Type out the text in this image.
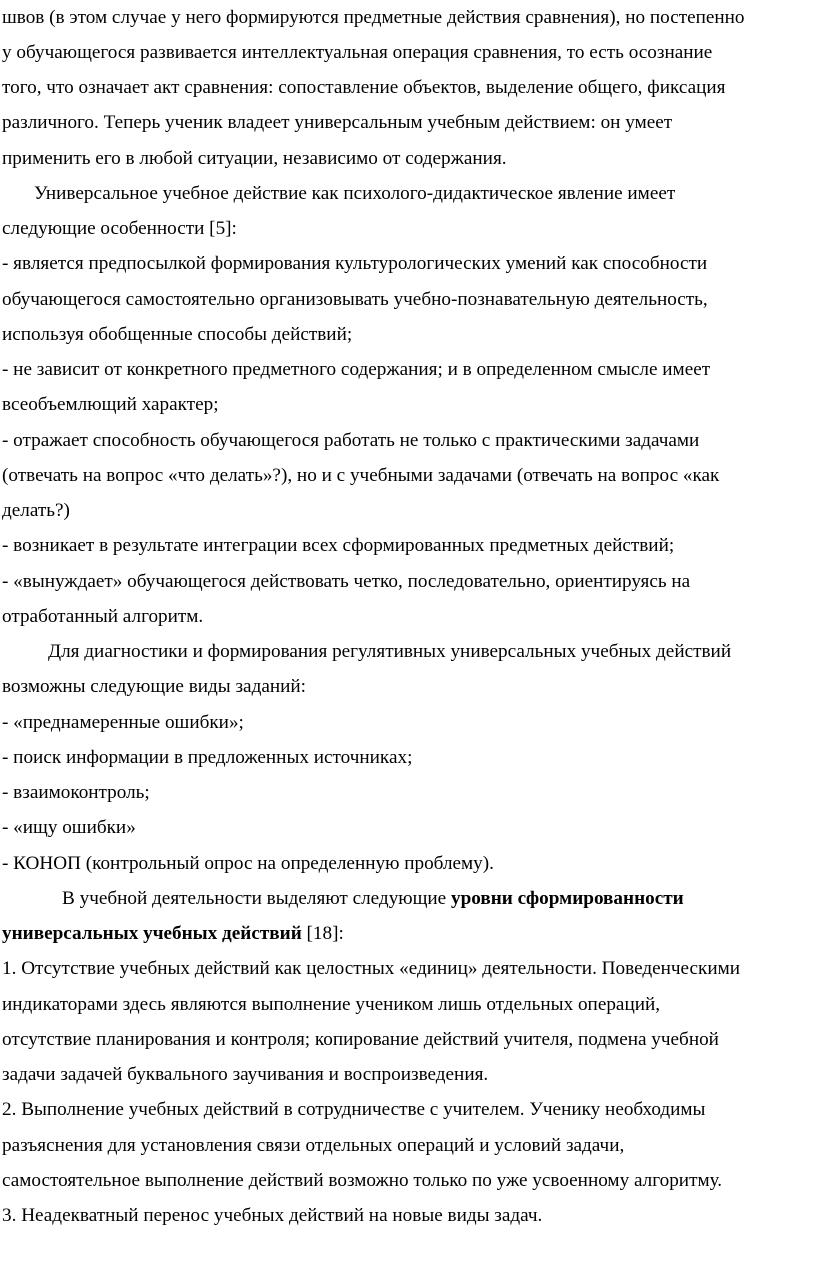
швов (в этом случае у него формируются предметные действия сравнения), но постепенно
у обучающегося развивается интеллектуальная операция сравнения, то есть осознание
того, что означает акт сравнения: сопоставление объектов, выделение общего, фиксация
различного. Теперь ученик владеет универсальным учебным действием: он умеет
применить его в любой ситуации, независимо от содержания.
Универсальное учебное действие как психолого-дидактическое явление имеет
следующие особенности [5]:
- является предпосылкой формирования культурологических умений как способности
обучающегося самостоятельно организовывать учебно-познавательную деятельность,
используя обобщенные способы действий;
- не зависит от конкретного предметного содержания; и в определенном смысле имеет
всеобъемлющий характер;
- отражает способность обучающегося работать не только с практическими задачами
(отвечать на вопрос «что делать»?), но и с учебными задачами (отвечать на вопрос «как
делать?)
- возникает в результате интеграции всех сформированных предметных действий;
- «вынуждает» обучающегося действовать четко, последовательно, ориентируясь на
отработанный алгоритм.
Для диагностики и формирования регулятивных универсальных учебных действий
возможны следующие виды заданий:
- «преднамеренные ошибки»;
- поиск информации в предложенных источниках;
- взаимоконтроль;
- «ищу ошибки»
- КОНОП (контрольный опрос на определенную проблему).
В учебной деятельности выделяют следующие уровни сформированности
универсальных учебных действий [18]:
1. Отсутствие учебных действий как целостных «единиц» деятельности. Поведенческими
индикаторами здесь являются выполнение учеником лишь отдельных операций,
отсутствие планирования и контроля; копирование действий учителя, подмена учебной
задачи задачей буквального заучивания и воспроизведения.
2. Выполнение учебных действий в сотрудничестве с учителем. Ученику необходимы
разъяснения для установления связи отдельных операций и условий задачи,
самостоятельное выполнение действий возможно только по уже усвоенному алгоритму.
3. Неадекватный перенос учебных действий на новые виды задач.
